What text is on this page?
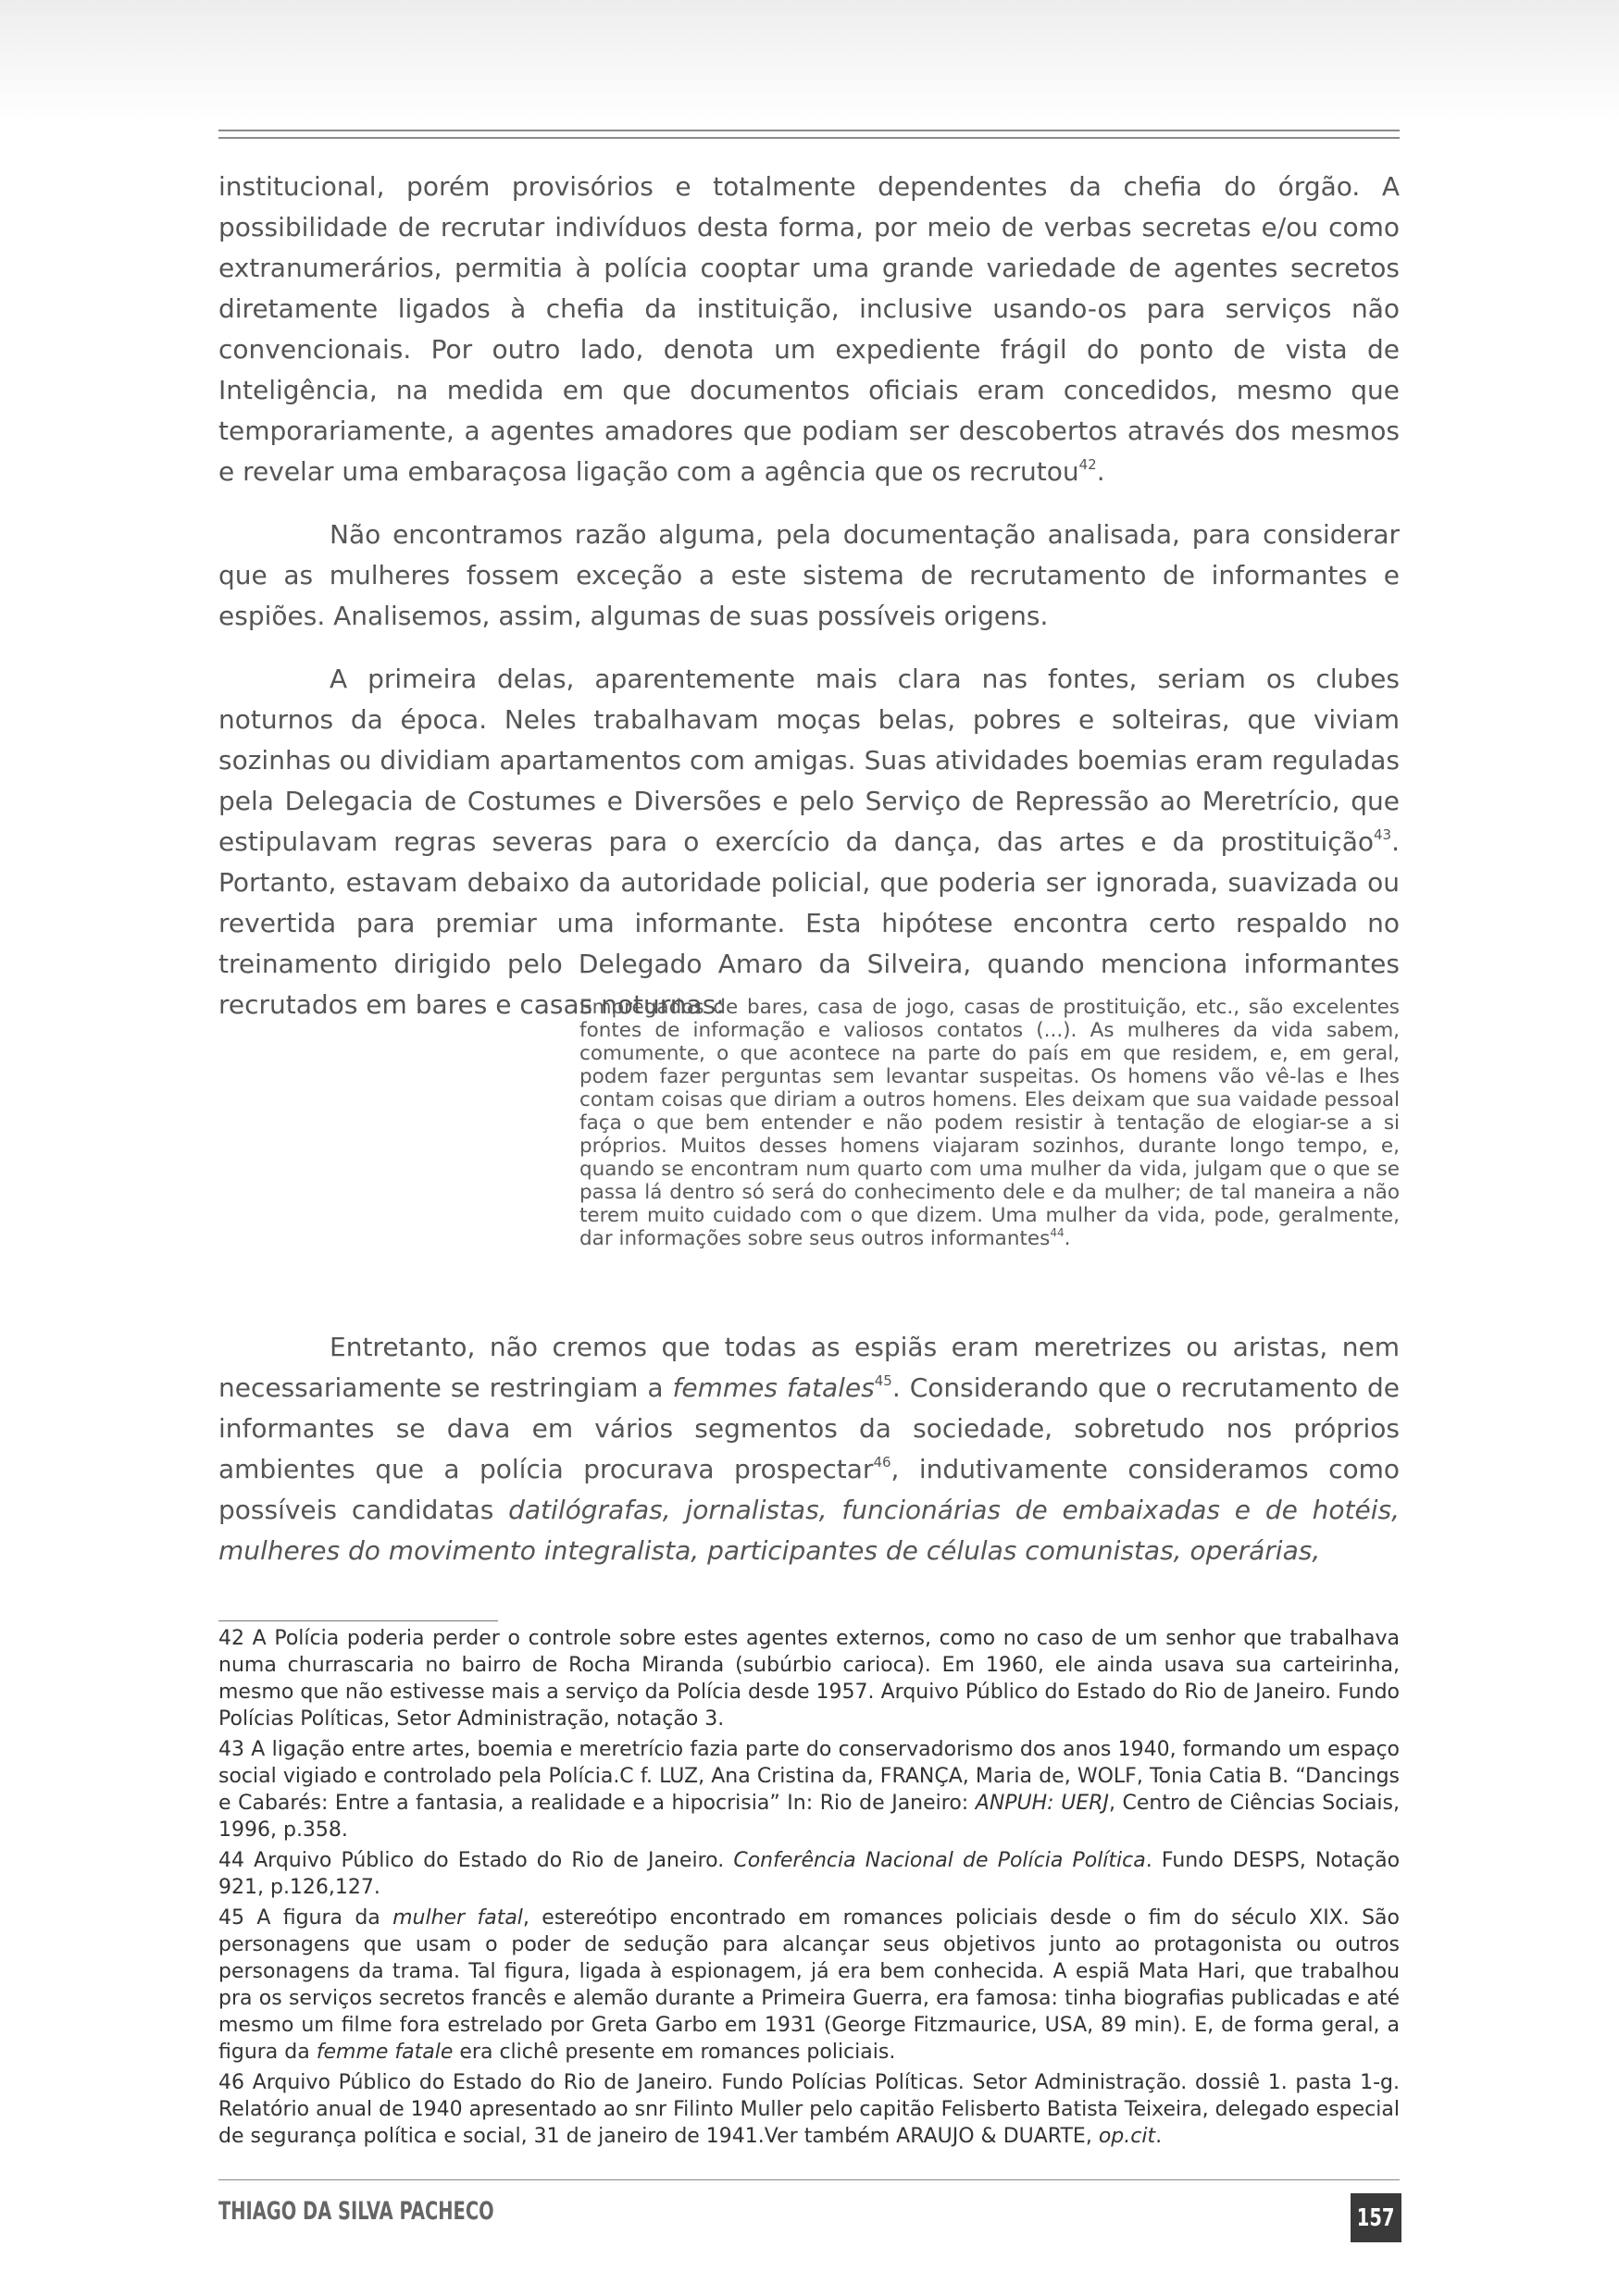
institucional, porém provisórios e totalmente dependentes da chefia do órgão. A possibilidade de recrutar indivíduos desta forma, por meio de verbas secretas e/ou como extranumerários, permitia à polícia cooptar uma grande variedade de agentes secretos diretamente ligados à chefia da instituição, inclusive usando-os para serviços não convencionais. Por outro lado, denota um expediente frágil do ponto de vista de Inteligência, na medida em que documentos oficiais eram concedidos, mesmo que temporariamente, a agentes amadores que podiam ser descobertos através dos mesmos e revelar uma embaraçosa ligação com a agência que os recrutou$^{42}$.

Não encontramos razão alguma, pela documentação analisada, para considerar que as mulheres fossem exceção a este sistema de recrutamento de informantes e espiões. Analisemos, assim, algumas de suas possíveis origens.

A primeira delas, aparentemente mais clara nas fontes, seriam os clubes noturnos da época. Neles trabalhavam moças belas, pobres e solteiras, que viviam sozinhas ou dividiam apartamentos com amigas. Suas atividades boemias eram reguladas pela Delegacia de Costumes e Diversões e pelo Serviço de Repressão ao Meretrício, que estipulavam regras severas para o exercício da dança, das artes e da prostituição$^{43}$. Portanto, estavam debaixo da autoridade policial, que poderia ser ignorada, suavizada ou revertida para premiar uma informante. Esta hipótese encontra certo respaldo no treinamento dirigido pelo Delegado Amaro da Silveira, quando menciona informantes recrutados em bares e casas noturnas:

Empregados de bares, casa de jogo, casas de prostituição, etc., são excelentes fontes de informação e valiosos contatos (...). As mulheres da vida sabem, comumente, o que acontece na parte do país em que residem, e, em geral, podem fazer perguntas sem levantar suspeitas. Os homens vão vê-las e lhes contam coisas que diriam a outros homens. Eles deixam que sua vaidade pessoal faça o que bem entender e não podem resistir à tentação de elogiar-se a si próprios. Muitos desses homens viajaram sozinhos, durante longo tempo, e, quando se encontram num quarto com uma mulher da vida, julgam que o que se passa lá dentro só será do conhecimento dele e da mulher; de tal maneira a não terem muito cuidado com o que dizem. Uma mulher da vida, pode, geralmente, dar informações sobre seus outros informantes$^{44}$.
Entretanto, não cremos que todas as espiãs eram meretrizes ou aristas, nem necessariamente se restringiam a femmes fatales$^{45}$. Considerando que o recrutamento de informantes se dava em vários segmentos da sociedade, sobretudo nos próprios ambientes que a polícia procurava prospectar$^{46}$, indutivamente consideramos como possíveis candidatas datilógrafas, jornalistas, funcionárias de embaixadas e de hotéis, mulheres do movimento integralista, participantes de células comunistas, operárias,

42 A Polícia poderia perder o controle sobre estes agentes externos, como no caso de um senhor que trabalhava numa churrascaria no bairro de Rocha Miranda (subúrbio carioca). Em 1960, ele ainda usava sua carteirinha, mesmo que não estivesse mais a serviço da Polícia desde 1957. Arquivo Público do Estado do Rio de Janeiro. Fundo Polícias Políticas, Setor Administração, notação 3.

43 A ligação entre artes, boemia e meretrício fazia parte do conservadorismo dos anos 1940, formando um espaço social vigiado e controlado pela Polícia.C f. LUZ, Ana Cristina da, FRANÇA, Maria de, WOLF, Tonia Catia B. “Dancings e Cabarés: Entre a fantasia, a realidade e a hipocrisia” In: Rio de Janeiro: ANPUH: UERJ, Centro de Ciências Sociais, 1996, p.358.

44 Arquivo Público do Estado do Rio de Janeiro. Conferência Nacional de Polícia Política. Fundo DESPS, Notação 921, p.126,127.

45 A figura da mulher fatal, estereótipo encontrado em romances policiais desde o fim do século XIX. São personagens que usam o poder de sedução para alcançar seus objetivos junto ao protagonista ou outros personagens da trama. Tal figura, ligada à espionagem, já era bem conhecida. A espiã Mata Hari, que trabalhou pra os serviços secretos francês e alemão durante a Primeira Guerra, era famosa: tinha biografias publicadas e até mesmo um filme fora estrelado por Greta Garbo em 1931 (George Fitzmaurice, USA, 89 min). E, de forma geral, a figura da femme fatale era clichê presente em romances policiais.

46 Arquivo Público do Estado do Rio de Janeiro. Fundo Polícias Políticas. Setor Administração. dossiê 1. pasta 1-g. Relatório anual de 1940 apresentado ao snr Filinto Muller pelo capitão Felisberto Batista Teixeira, delegado especial de segurança política e social, 31 de janeiro de 1941.Ver também ARAUJO & DUARTE, op.cit.

THIAGO DA SILVA PACHECO	157
